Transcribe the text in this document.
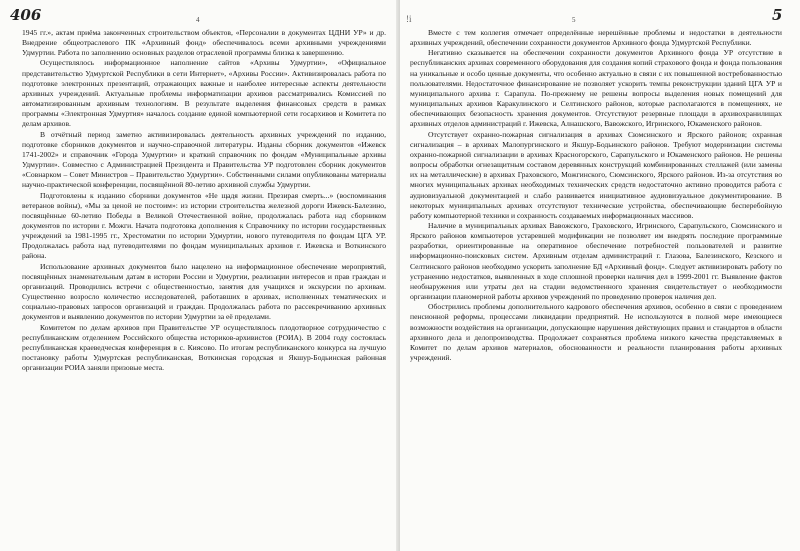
406	4

1945 гг.», актам приёма законченных строительством объектов, «Персоналии в документах ЦДНИ УР» и др. Внедрение общеотраслевого ПК «Архивный фонд» обеспечивалось всеми архивными учреждениями Удмуртии. Работа по заполнению основных разделов отраслевой программы близка к завершению.

Осуществлялось информационное наполнение сайтов «Архивы Удмуртии», «Официальное представительство Удмуртской Республики в сети Интернет», «Архивы России». Активизировалась работа по подготовке электронных презентаций, отражающих важные и наиболее интересные аспекты деятельности архивных учреждений. Актуальные проблемы информатизации архивов рассматривались Комиссией по автоматизированным архивным технологиям. В результате выделения финансовых средств в рамках программы «Электронная Удмуртия» началось создание единой компьютерной сети госархивов и Комитета по делам архивов.

В отчётный период заметно активизировалась деятельность архивных учреждений по изданию, подготовке сборников документов и научно-справочной литературы. Изданы сборник документов «Ижевск 1741-2002» и справочник «Города Удмуртии» и краткий справочник по фондам «Муниципальные архивы Удмуртии». Совместно с Администрацией Президента и Правительства УР подготовлен сборник документов «Совнарком – Совет Министров – Правительство Удмуртии». Собственными силами опубликованы материалы научно-практической конференции, посвящённой 80-летию архивной службы Удмуртии.

Подготовлены к изданию сборники документов «Не щадя жизни. Презирая смерть...» (воспоминания ветеранов войны), «Мы за ценой не постоим»: из истории строительства железной дороги Ижевск-Балезино, посвящённые 60-летию Победы в Великой Отечественной войне, продолжалась работа над сборником документов по истории г. Можги. Начата подготовка дополнения к Справочнику по истории государственных учреждений за 1981-1995 гг., Хрестоматии по истории Удмуртии, нового путеводителя по фондам ЦГА УР. Продолжалась работа над путеводителями по фондам муниципальных архивов г. Ижевска и Воткинского района.

Использование архивных документов было нацелено на информационное обеспечение мероприятий, посвящённых знаменательным датам в истории России и Удмуртии, реализации интересов и прав граждан и организаций. Проводились встречи с общественностью, занятия для учащихся и экскурсии по архивам. Существенно возросло количество исследователей, работавших в архивах, исполненных тематических и социально-правовых запросов организаций и граждан. Продолжалась работа по рассекречиванию архивных документов и выявлению документов по истории Удмуртии за её пределами.

Комитетом по делам архивов при Правительстве УР осуществлялось плодотворное сотрудничество с республиканским отделением Российского общества историков-архивистов (РОИА). В 2004 году состоялась республиканская краеведческая конференция в с. Киясово. По итогам республиканского конкурса на лучшую постановку работы Удмуртская республиканская, Воткинская городская и Якшур-Бодьинская районная организации РОИА заняли призовые места.

!i	5	5

Вместе с тем коллегия отмечает определённые нерешённые проблемы и недостатки в деятельности архивных учреждений, обеспечении сохранности документов Архивного фонда Удмуртской Республики.

Негативно сказывается на обеспечении сохранности документов Архивного фонда УР отсутствие в республиканских архивах современного оборудования для создания копий страхового фонда и фонда пользования на уникальные и особо ценные документы, что особенно актуально в связи с их повышенной востребованностью пользователями. Недостаточное финансирование не позволяет ускорить темпы реконструкции зданий ЦГА УР и муниципального архива г. Сарапула. По-прежнему не решены вопросы выделения новых помещений для муниципальных архивов Каракулинского и Селтинского районов, которые располагаются в помещениях, не обеспечивающих безопасность хранения документов. Отсутствуют резервные площади в архивохранилищах архивных отделов администраций г. Ижевска, Алнашского, Вавожского, Игринского, Юкаменского районов.

Отсутствует охранно-пожарная сигнализация в архивах Сюмсинского и Ярского районов; охранная сигнализация – в архивах Малопургинского и Якшур-Бодьинского районов. Требуют модернизации системы охранно-пожарной сигнализации в архивах Красногорского, Сарапульского и Юкаменского районов. Не решены вопросы обработки огнезащитным составом деревянных конструкций комбинированных стеллажей (или замены их на металлические) в архивах Граховского, Можгинского, Сюмсинского, Ярского районов. Из-за отсутствия во многих муниципальных архивах необходимых технических средств недостаточно активно проводится работа с аудиовизуальной документацией и слабо развивается инициативное аудиовизуальное документирование. В некоторых муниципальных архивах отсутствуют технические устройства, обеспечивающие бесперебойную работу компьютерной техники и сохранность создаваемых информационных массивов.

Наличие в муниципальных архивах Вавожского, Граховского, Игринского, Сарапульского, Сюмсинского и Ярского районов компьютеров устаревшей модификации не позволяет им внедрять последние программные разработки, ориентированные на оперативное обеспечение потребностей пользователей и развитие информационно-поисковых систем. Архивным отделам администраций г. Глазова, Балезинского, Кезского и Селтинского районов необходимо ускорить заполнение БД «Архивный фонд». Следует активизировать работу по устранению недостатков, выявленных в ходе сплошной проверки наличия дел в 1999-2001 гг. Выявление фактов необнаружения или утраты дел на стадии ведомственного хранения свидетельствует о необходимости организации планомерной работы архивов учреждений по проведению проверок наличия дел.

Обострились проблемы дополнительного кадрового обеспечения архивов, особенно в связи с проведением пенсионной реформы, процессами ликвидации предприятий. Не используются в полной мере имеющиеся возможности воздействия на организации, допускающие нарушения действующих правил и стандартов в области архивного дела и делопроизводства. Продолжает сохраняться проблема низкого качества представляемых в Комитет по делам архивов материалов, обоснованности и реальности планирования работы архивных учреждений.
